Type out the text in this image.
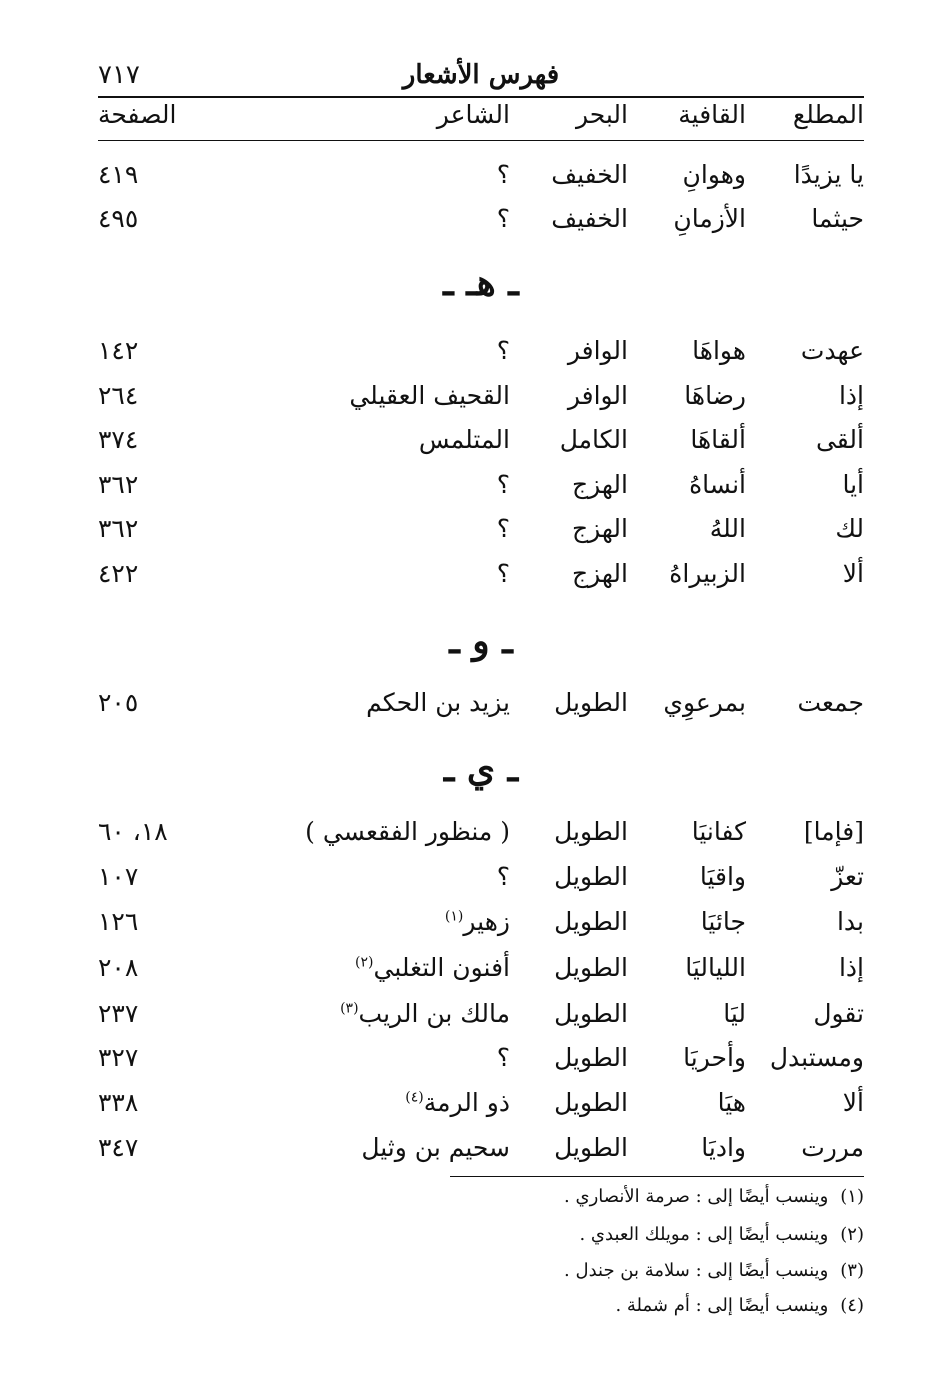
فهرس الأشعار
٧١٧
المطلع
القافية
البحر
الشاعر
الصفحة
يا يزيدًا
وهوانِ
الخفيف
؟
٤١٩
حيثما
الأزمانِ
الخفيف
؟
٤٩٥
ـ هـ ـ
عهدت
هواهَا
الوافر
؟
١٤٢
إذا
رضاهَا
الوافر
القحيف العقيلي
٢٦٤
ألقى
ألقاهَا
الكامل
المتلمس
٣٧٤
أيا
أنساهُ
الهزج
؟
٣٦٢
لك
اللهُ
الهزج
؟
٣٦٢
ألا
الزبيراهُ
الهزج
؟
٤٢٢
ـ و ـ
جمعت
بمرعوِي
الطويل
يزيد بن الحكم
٢٠٥
ـ ي ـ
[فإما]
كفانيَا
الطويل
( منظور الفقعسي )
١٨، ٦٠
تعزّ
واقيَا
الطويل
؟
١٠٧
بدا
جائيَا
الطويل
زهير$^{(١)}$
١٢٦
إذا
اللياليَا
الطويل
أفنون التغلبي$^{(٢)}$
٢٠٨
تقول
ليَا
الطويل
مالك بن الريب$^{(٣)}$
٢٣٧
ومستبدل
وأحريَا
الطويل
؟
٣٢٧
ألا
هيَا
الطويل
ذو الرمة$^{(٤)}$
٣٣٨
مررت
واديَا
الطويل
سحيم بن وثيل
٣٤٧
(١)وينسب أيضًا إلى : صرمة الأنصاري .
(٢)وينسب أيضًا إلى : مويلك العبدي .
(٣)وينسب أيضًا إلى : سلامة بن جندل .
(٤)وينسب أيضًا إلى : أم شملة .
